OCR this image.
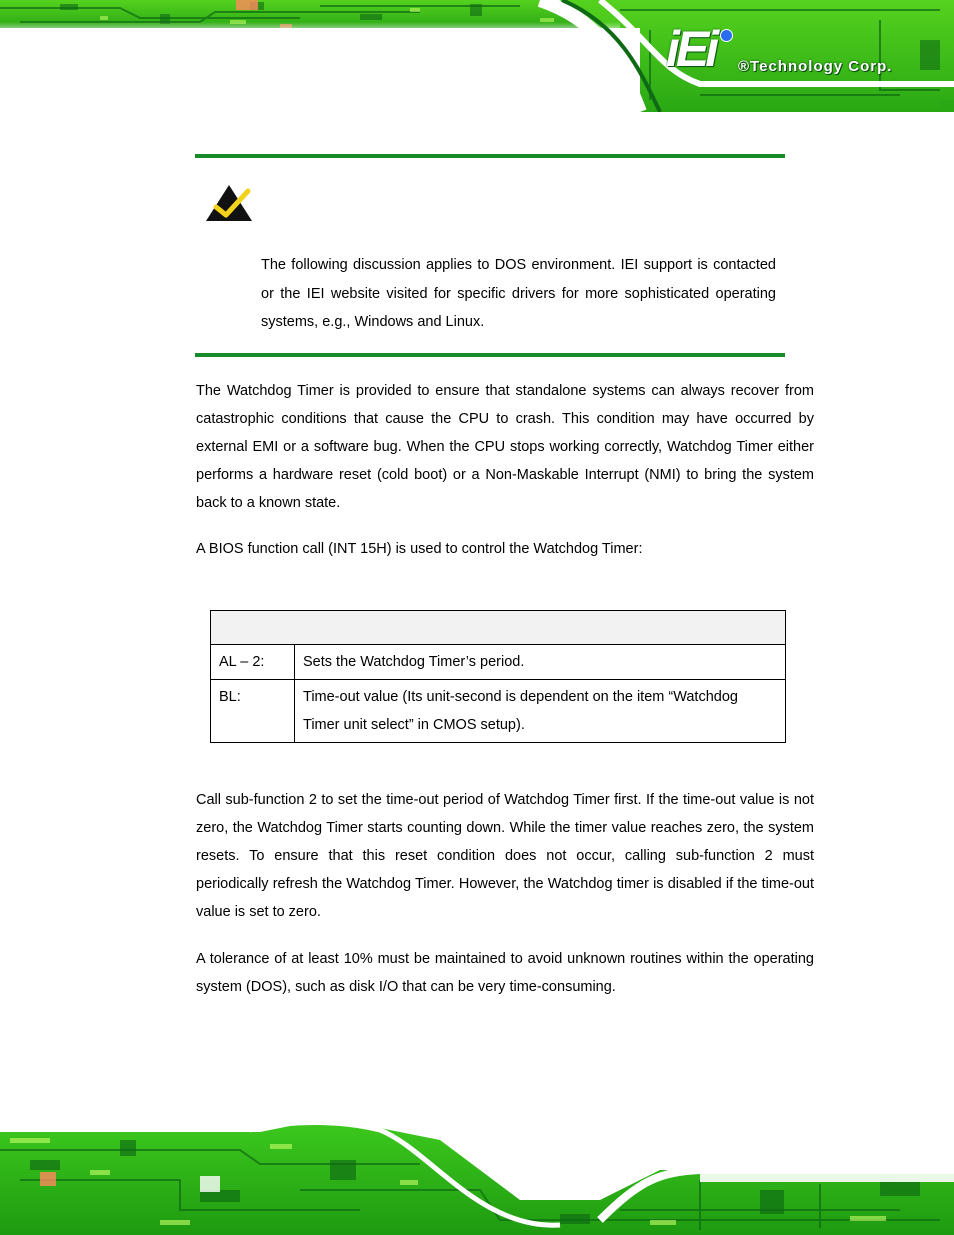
iEi ®Technology Corp.
The following discussion applies to DOS environment. IEI support is contacted or the IEI website visited for specific drivers for more sophisticated operating systems, e.g., Windows and Linux.

The Watchdog Timer is provided to ensure that standalone systems can always recover from catastrophic conditions that cause the CPU to crash. This condition may have occurred by external EMI or a software bug. When the CPU stops working correctly, Watchdog Timer either performs a hardware reset (cold boot) or a Non-Maskable Interrupt (NMI) to bring the system back to a known state.

A BIOS function call (INT 15H) is used to control the Watchdog Timer:

AL – 2:	Sets the Watchdog Timer’s period.
BL:	Time-out value (Its unit-second is dependent on the item “Watchdog Timer unit select” in CMOS setup).

Call sub-function 2 to set the time-out period of Watchdog Timer first. If the time-out value is not zero, the Watchdog Timer starts counting down. While the timer value reaches zero, the system resets. To ensure that this reset condition does not occur, calling sub-function 2 must periodically refresh the Watchdog Timer. However, the Watchdog timer is disabled if the time-out value is set to zero.

A tolerance of at least 10% must be maintained to avoid unknown routines within the operating system (DOS), such as disk I/O that can be very time-consuming.
